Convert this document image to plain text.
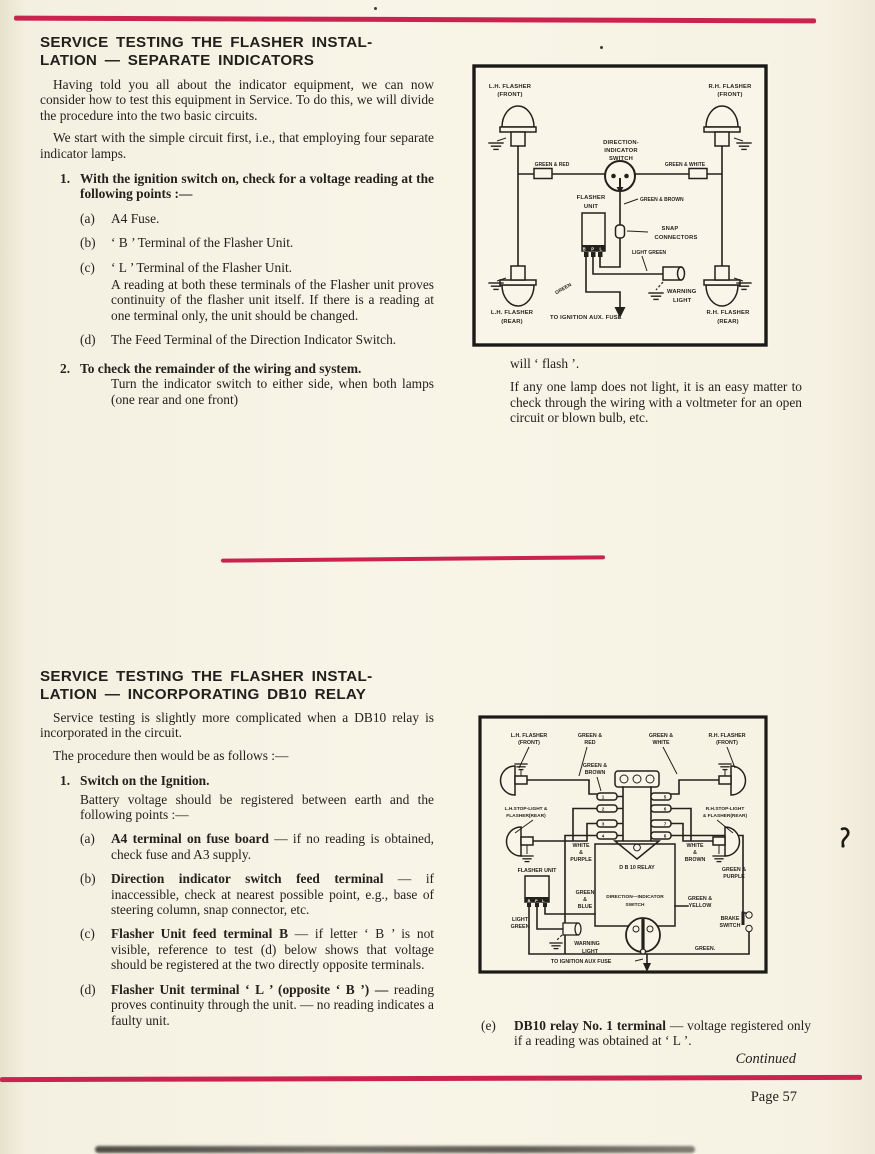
SERVICE TESTING THE FLASHER INSTAL-
LATION — SEPARATE INDICATORS

Having told you all about the indicator equipment, we can now consider how to test this equipment in Service. To do this, we will divide the procedure into the two basic circuits.

We start with the simple circuit first, i.e., that employing four separate indicator lamps.

1. With the ignition switch on, check for a voltage reading at the following points :—
(a)	A4 Fuse.
(b)	‘ B ’ Terminal of the Flasher Unit.
(c)	‘ L ’ Terminal of the Flasher Unit.
A reading at both these terminals of the Flasher unit proves continuity of the flasher unit itself. If there is a reading at one terminal only, the unit should be changed.
(d)	The Feed Terminal of the Direction Indicator Switch.
2. To check the remainder of the wiring and system.
Turn the indicator switch to either side, when both lamps (one rear and one front)
B P L
L.H. FLASHER
(FRONT)
R.H. FLASHER
(FRONT)
DIRECTION-
INDICATOR
SWITCH
GREEN & RED	GREEN & WHITE
GREEN & BROWN
FLASHER
UNIT
SNAP
CONNECTORS
LIGHT GREEN
GREEN	WARNING
LIGHT
TO IGNITION AUX. FUSE
L.H. FLASHER
(REAR)
R.H. FLASHER
(REAR)
will ‘ flash ’.

If any one lamp does not light, it is an easy matter to check through the wiring with a voltmeter for an open circuit or blown bulb, etc.

SERVICE TESTING THE FLASHER INSTAL-
LATION — INCORPORATING DB10 RELAY

Service testing is slightly more complicated when a DB10 relay is incorporated in the circuit.

The procedure then would be as follows :—

1. Switch on the Ignition.
Battery voltage should be registered between earth and the following points :—
(a)	A4 terminal on fuse board — if no reading is obtained, check fuse and A3 supply.
(b)	Direction indicator switch feed terminal — if inaccessible, check at nearest possible point, e.g., base of steering column, snap connector, etc.
(c)	Flasher Unit feed terminal B — if letter ‘ B ’ is not visible, reference to test (d) below shows that voltage should be registered at the two directly opposite terminals.
(d)	Flasher Unit terminal ‘ L ’ (opposite ‘ B ’) — reading proves continuity through the unit. — no reading indicates a faulty unit.
1
2
3
4
5
6
7
8
B P L
L.H. FLASHER
(FRONT)
GREEN &
RED
GREEN &
WHITE
R.H. FLASHER
(FRONT)
GREEN &
BROWN
L.H.STOP-LIGHT &
FLASHER(REAR)
R.H.STOP-LIGHT
& FLASHER(REAR)
WHITE
&
PURPLE
WHITE
&
BROWN
D B 10 RELAY	GREEN &
PURPLE
FLASHER UNIT
GREEN
&
BLUE
DIRECTION—INDICATOR
SWITCH
GREEN &
YELLOW
LIGHT
GREEN
WARNING
LIGHT
BRAKE
SWITCH
GREEN.
TO IGNITION AUX FUSE
(e)	DB10 relay No. 1 terminal — voltage registered only if a reading was obtained at ‘ L ’.
Continued
Page 57
